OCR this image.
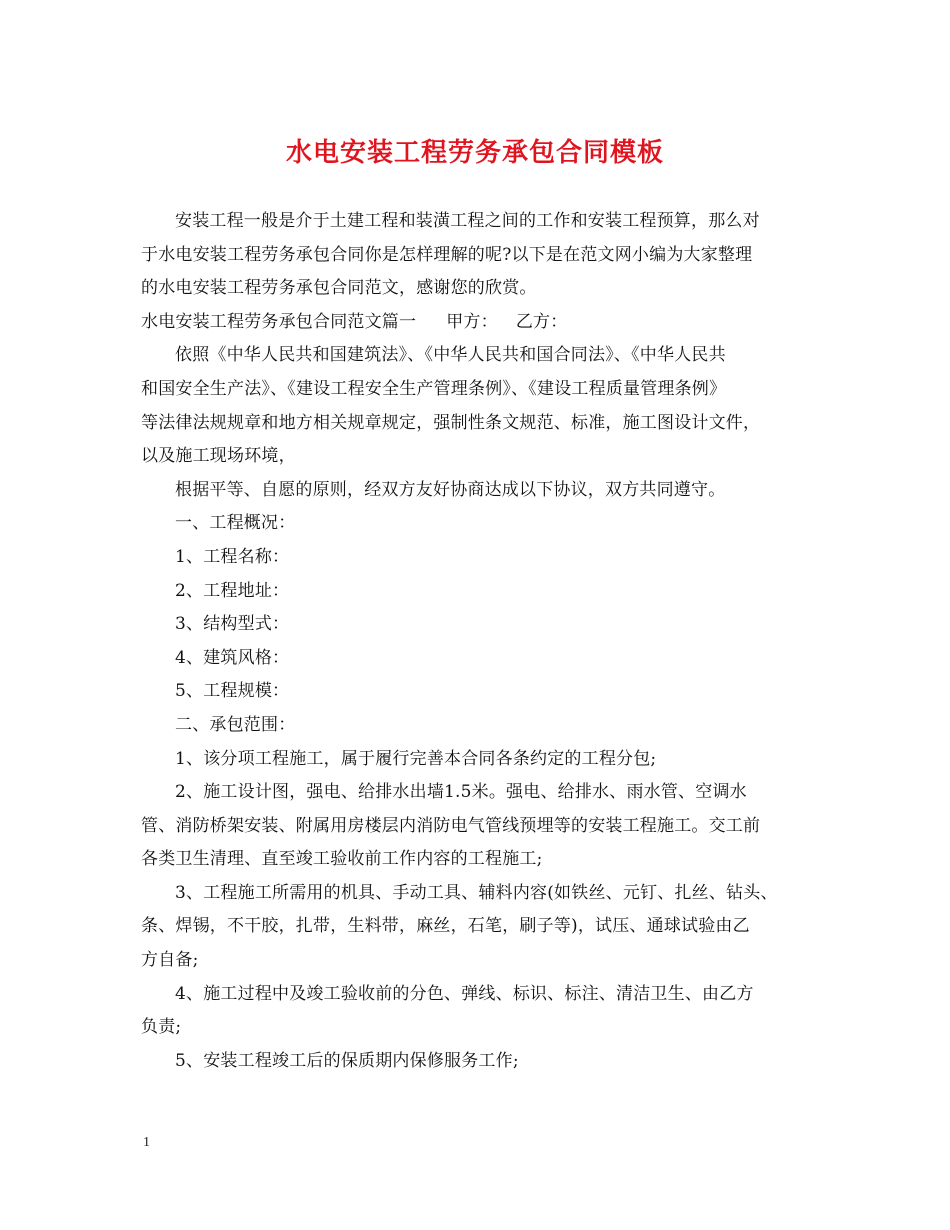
水电安装工程劳务承包合同模板
安装工程一般是介于土建工程和装潢工程之间的工作和安装工程预算，那么对
于水电安装工程劳务承包合同你是怎样理解的呢?以下是在范文网小编为大家整理
的水电安装工程劳务承包合同范文，感谢您的欣赏。
水电安装工程劳务承包合同范文篇一 甲方： 乙方：
依照《中华人民共和国建筑法》、《中华人民共和国合同法》、《中华人民共
和国安全生产法》、《建设工程安全生产管理条例》、《建设工程质量管理条例》
等法律法规规章和地方相关规章规定，强制性条文规范、标准，施工图设计文件，
以及施工现场环境，
根据平等、自愿的原则，经双方友好协商达成以下协议，双方共同遵守。
一、工程概况：
1、工程名称：
2、工程地址：
3、结构型式：
4、建筑风格：
5、工程规模：
二、承包范围：
1、该分项工程施工，属于履行完善本合同各条约定的工程分包;
2、施工设计图，强电、给排水出墙1.5米。强电、给排水、雨水管、空调水
管、消防桥架安装、附属用房楼层内消防电气管线预埋等的安装工程施工。交工前
各类卫生清理、直至竣工验收前工作内容的工程施工;
3、工程施工所需用的机具、手动工具、辅料内容(如铁丝、元钉、扎丝、钻头、
条、焊锡，不干胶，扎带，生料带，麻丝，石笔，刷子等)，试压、通球试验由乙
方自备;
4、施工过程中及竣工验收前的分色、弹线、标识、标注、清洁卫生、由乙方
负责;
5、安装工程竣工后的保质期内保修服务工作;
1
